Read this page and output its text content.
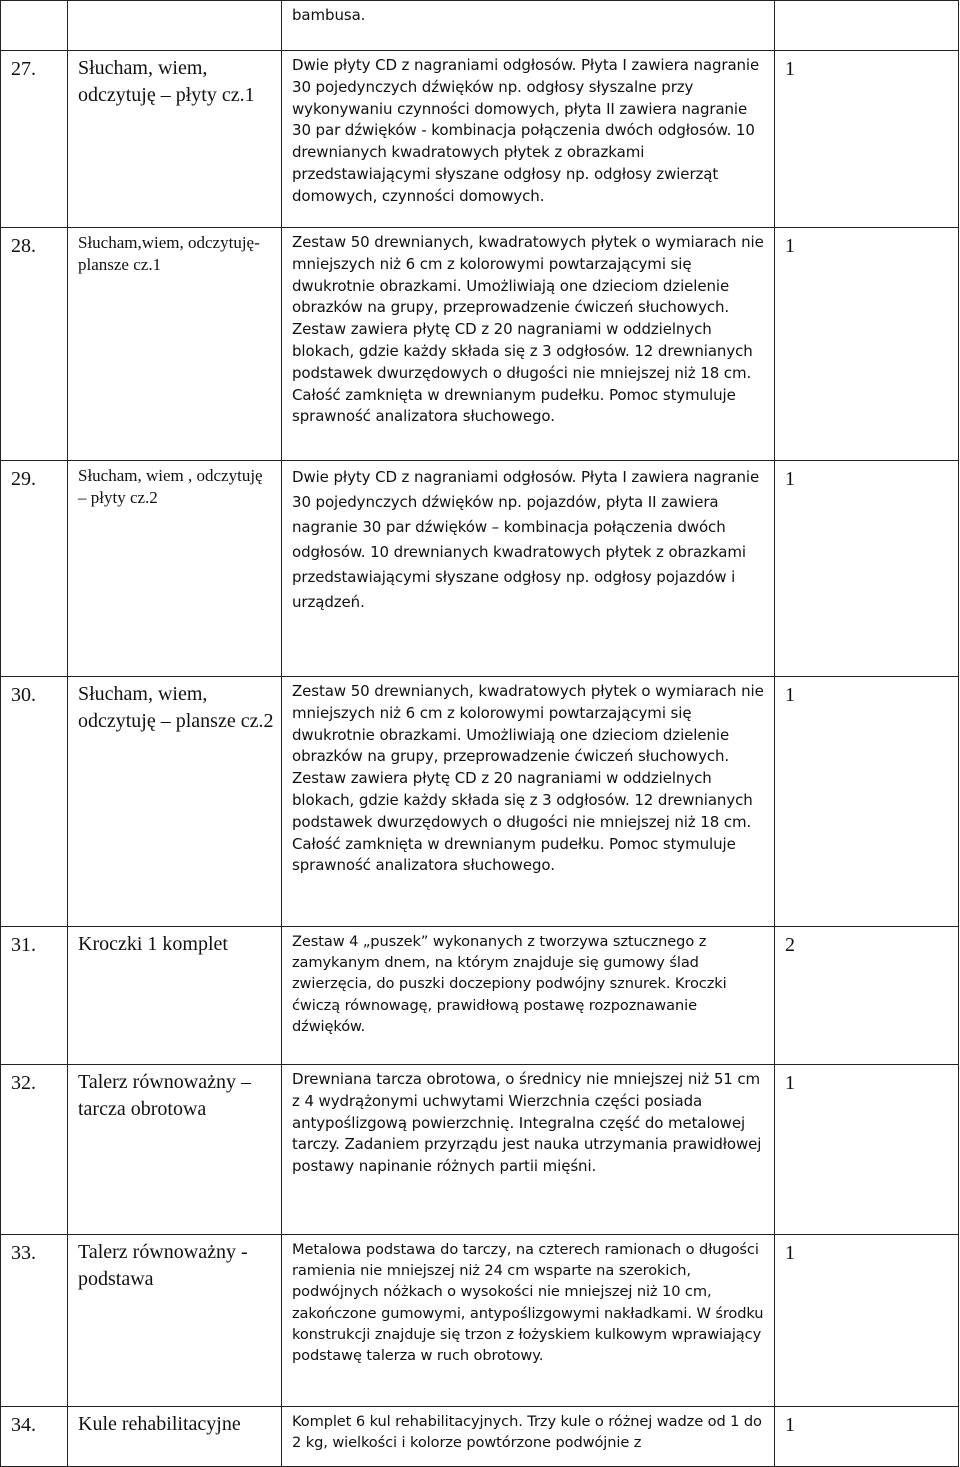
		bambusa.	
27.	Słucham, wiem, odczytuję – płyty cz.1	Dwie płyty CD z nagraniami odgłosów. Płyta I zawiera nagranie 30 pojedynczych dźwięków np. odgłosy słyszalne przy wykonywaniu czynności domowych, płyta II zawiera nagranie 30 par dźwięków - kombinacja połączenia dwóch odgłosów. 10 drewnianych kwadratowych płytek z obrazkami przedstawiającymi słyszane odgłosy np. odgłosy zwierząt domowych, czynności domowych.	1
28.	Słucham,wiem, odczytuję-plansze cz.1	Zestaw 50 drewnianych, kwadratowych płytek o wymiarach nie mniejszych niż 6 cm z kolorowymi powtarzającymi się dwukrotnie obrazkami. Umożliwiają one dzieciom dzielenie obrazków na grupy, przeprowadzenie ćwiczeń słuchowych. Zestaw zawiera płytę CD z 20 nagraniami w oddzielnych blokach, gdzie każdy składa się z 3 odgłosów. 12 drewnianych podstawek dwurzędowych o długości nie mniejszej niż 18 cm. Całość zamknięta w drewnianym pudełku. Pomoc stymuluje sprawność analizatora słuchowego.	1
29.	Słucham, wiem , odczytuję – płyty cz.2	Dwie płyty CD z nagraniami odgłosów. Płyta I zawiera nagranie 30 pojedynczych dźwięków np. pojazdów, płyta II zawiera nagranie 30 par dźwięków – kombinacja połączenia dwóch odgłosów. 10 drewnianych kwadratowych płytek z obrazkami przedstawiającymi słyszane odgłosy np. odgłosy pojazdów i urządzeń.	1
30.	Słucham, wiem, odczytuję – plansze cz.2	Zestaw 50 drewnianych, kwadratowych płytek o wymiarach nie mniejszych niż 6 cm z kolorowymi powtarzającymi się dwukrotnie obrazkami. Umożliwiają one dzieciom dzielenie obrazków na grupy, przeprowadzenie ćwiczeń słuchowych. Zestaw zawiera płytę CD z 20 nagraniami w oddzielnych blokach, gdzie każdy składa się z 3 odgłosów. 12 drewnianych podstawek dwurzędowych o długości nie mniejszej niż 18 cm. Całość zamknięta w drewnianym pudełku. Pomoc stymuluje sprawność analizatora słuchowego.	1
31.	Kroczki 1 komplet	Zestaw 4 „puszek” wykonanych z tworzywa sztucznego z zamykanym dnem, na którym znajduje się gumowy ślad zwierzęcia, do puszki doczepiony podwójny sznurek. Kroczki ćwiczą równowagę, prawidłową postawę rozpoznawanie dźwięków.	2
32.	Talerz równoważny – tarcza obrotowa	Drewniana tarcza obrotowa, o średnicy nie mniejszej niż 51 cm z 4 wydrążonymi uchwytami Wierzchnia części posiada antypoślizgową powierzchnię. Integralna część do metalowej tarczy. Zadaniem przyrządu jest nauka utrzymania prawidłowej postawy napinanie różnych partii mięśni.	1
33.	Talerz równoważny - podstawa	Metalowa podstawa do tarczy, na czterech ramionach o długości ramienia nie mniejszej niż 24 cm wsparte na szerokich, podwójnych nóżkach o wysokości nie mniejszej niż 10 cm, zakończone gumowymi, antypoślizgowymi nakładkami. W środku konstrukcji znajduje się trzon z łożyskiem kulkowym wprawiający podstawę talerza w ruch obrotowy.	1
34.	Kule rehabilitacyjne	Komplet 6 kul rehabilitacyjnych. Trzy kule o różnej wadze od 1 do 2 kg, wielkości i kolorze powtórzone podwójnie z	1
